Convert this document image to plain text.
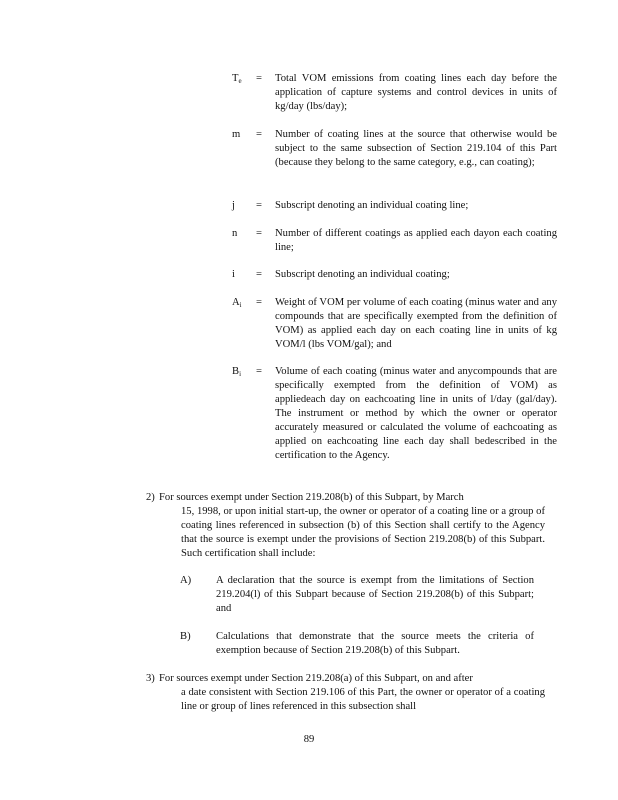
$T_e$	=	Total VOM emissions from coating lines each day before the application of capture systems and control devices in units of kg/day (lbs/day);
m	=	Number of coating lines at the source that otherwise would be subject to the same subsection of Section 219.104 of this Part (because they belong to the same category, e.g., can coating);
j	=	Subscript denoting an individual coating line;
n	=	Number of different coatings as applied each dayon each coating line;
i	=	Subscript denoting an individual coating;
$A_i$	=	Weight of VOM per volume of each coating (minus water and any compounds that are specifically exempted from the definition of VOM) as applied each day on each coating line in units of kg VOM/l (lbs VOM/gal); and
$B_i$	=	Volume of each coating (minus water and anycompounds that are specifically exempted from the definition of VOM) as appliedeach day on eachcoating line in units of l/day (gal/day). The instrument or method by which the owner or operator accurately measured or calculated the volume of eachcoating as applied on eachcoating line each day shall bedescribed in the certification to the Agency.
2) For sources exempt under Section 219.208(b) of this Subpart, by March
15, 1998, or upon initial start-up, the owner or operator of a coating line or a group of coating lines referenced in subsection (b) of this Section shall certify to the Agency that the source is exempt under the provisions of Section 219.208(b) of this Subpart. Such certification shall include:
A)	A declaration that the source is exempt from the limitations of Section 219.204(l) of this Subpart because of Section 219.208(b) of this Subpart; and
B)	Calculations that demonstrate that the source meets the criteria of exemption because of Section 219.208(b) of this Subpart.
3) For sources exempt under Section 219.208(a) of this Subpart, on and after
a date consistent with Section 219.106 of this Part, the owner or operator of a coating line or group of lines referenced in this subsection shall
89
